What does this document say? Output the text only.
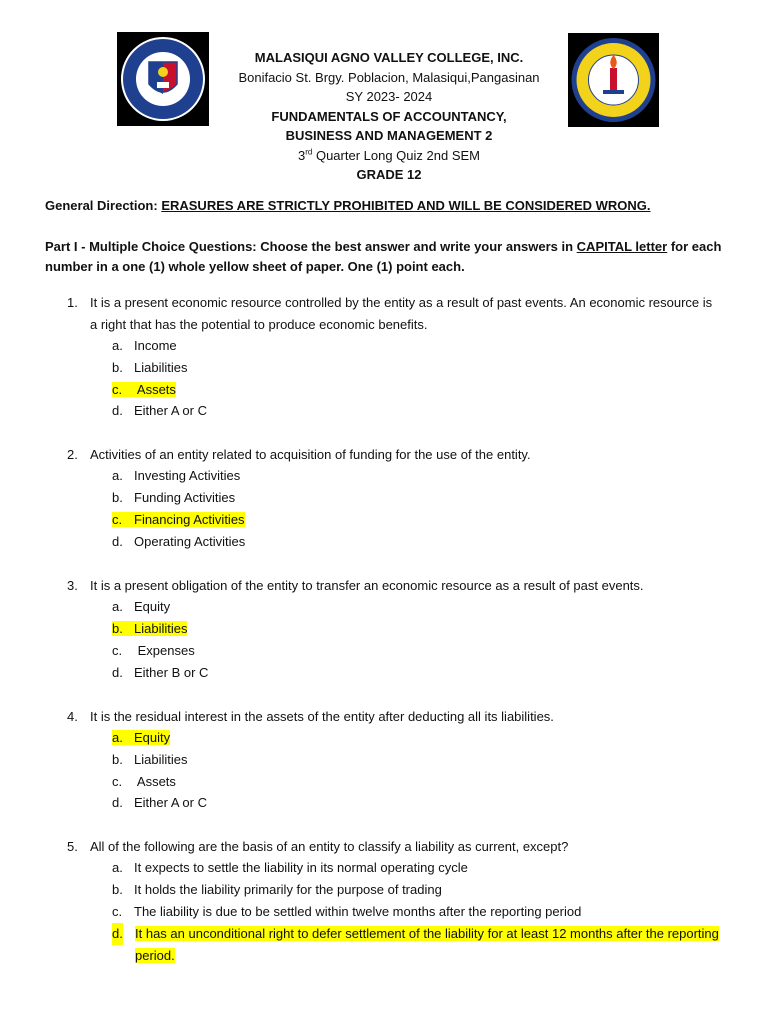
MALASIQUI AGNO VALLEY COLLEGE, INC.
Bonifacio St. Brgy. Poblacion, Malasiqui,Pangasinan
SY 2023- 2024
FUNDAMENTALS OF ACCOUNTANCY,
BUSINESS AND MANAGEMENT 2
3rd Quarter Long Quiz 2nd SEM
GRADE 12
General Direction: ERASURES ARE STRICTLY PROHIBITED AND WILL BE CONSIDERED WRONG.
Part I - Multiple Choice Questions: Choose the best answer and write your answers in CAPITAL letter for each number in a one (1) whole yellow sheet of paper. One (1) point each.
1. It is a present economic resource controlled by the entity as a result of past events. An economic resource is a right that has the potential to produce economic benefits.
a. Income
b. Liabilities
c. Assets
d. Either A or C
2. Activities of an entity related to acquisition of funding for the use of the entity.
a. Investing Activities
b. Funding Activities
c. Financing Activities
d. Operating Activities
3. It is a present obligation of the entity to transfer an economic resource as a result of past events.
a. Equity
b. Liabilities
c. Expenses
d. Either B or C
4. It is the residual interest in the assets of the entity after deducting all its liabilities.
a. Equity
b. Liabilities
c. Assets
d. Either A or C
5. All of the following are the basis of an entity to classify a liability as current, except?
a. It expects to settle the liability in its normal operating cycle
b. It holds the liability primarily for the purpose of trading
c. The liability is due to be settled within twelve months after the reporting period
d. It has an unconditional right to defer settlement of the liability for at least 12 months after the reporting period.
